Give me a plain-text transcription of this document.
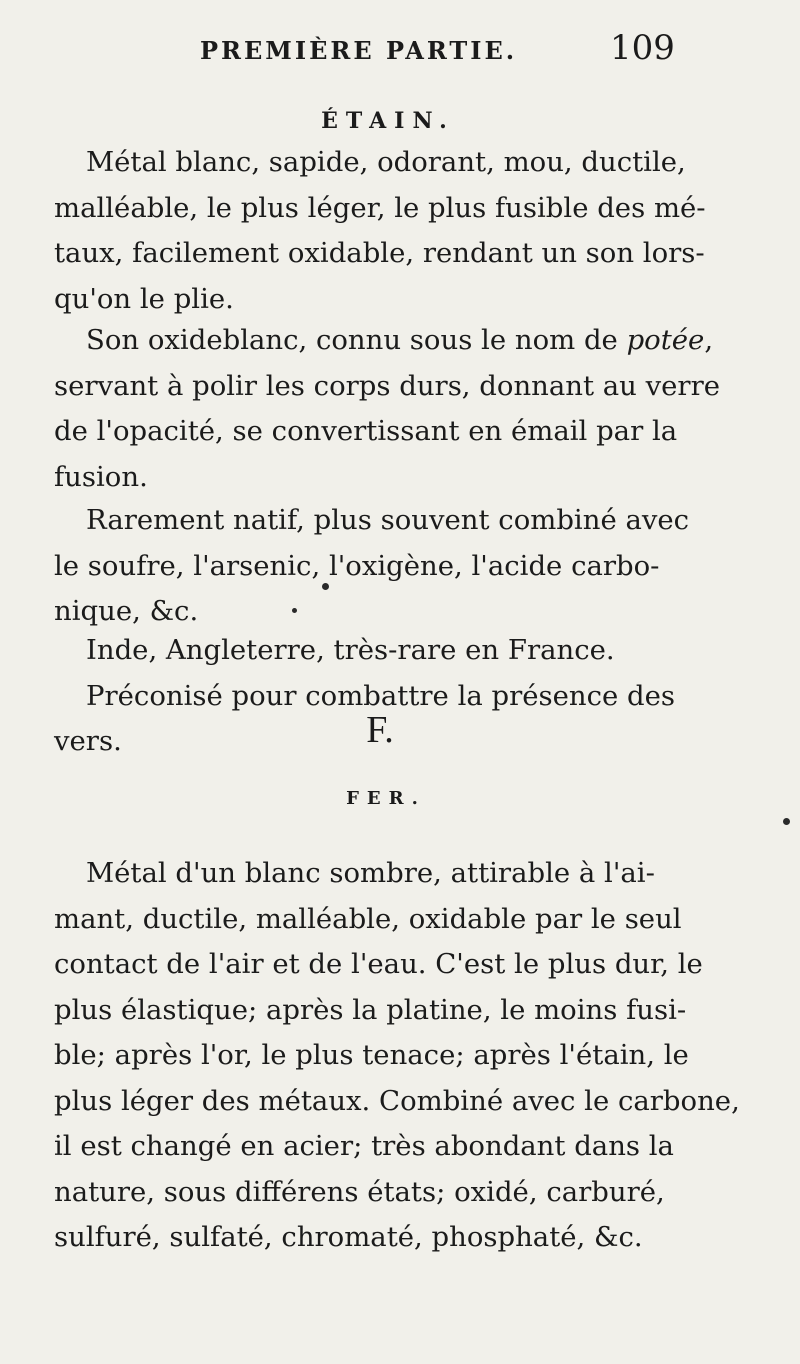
PREMIÈRE PARTIE.	109
ÉTAIN.

Métal blanc, sapide, odorant, mou, ductile,
malléable, le plus léger, le plus fusible des mé-
taux, facilement oxidable, rendant un son lors-
qu'on le plie.

Son oxideblanc, connu sous le nom de potée,
servant à polir les corps durs, donnant au verre
de l'opacité, se convertissant en émail par la
fusion.

Rarement natif, plus souvent combiné avec
le soufre, l'arsenic, l'oxigène, l'acide carbo-
nique, &c.

Inde, Angleterre, très-rare en France.
Préconisé pour combattre la présence des
vers.	F.
FER.

Métal d'un blanc sombre, attirable à l'ai-
mant, ductile, malléable, oxidable par le seul
contact de l'air et de l'eau. C'est le plus dur, le
plus élastique; après la platine, le moins fusi-
ble; après l'or, le plus tenace; après l'étain, le
plus léger des métaux. Combiné avec le carbone,
il est changé en acier; très abondant dans la
nature, sous différens états; oxidé, carburé,
sulfuré, sulfaté, chromaté, phosphaté, &c.
